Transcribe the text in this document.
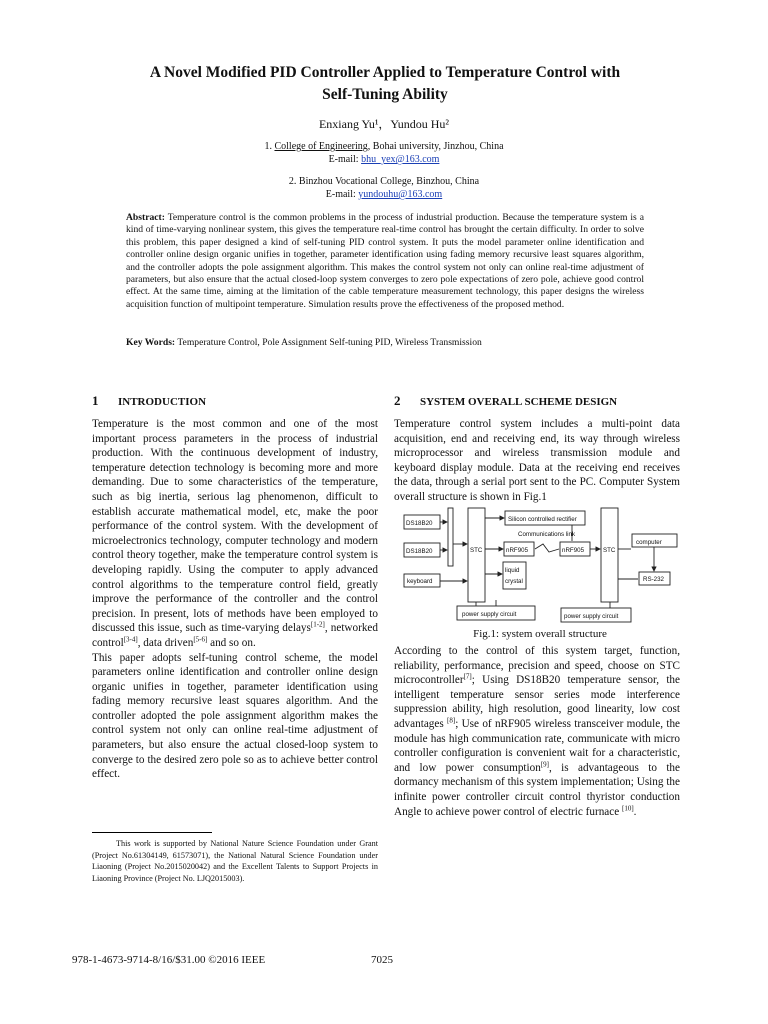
A Novel Modified PID Controller Applied to Temperature Control with
Self-Tuning Ability
Enxiang Yu¹，Yundou Hu²
1. College of Engineering, Bohai university, Jinzhou, China
E-mail: bhu_yex@163.com
2. Binzhou Vocational College, Binzhou, China
E-mail: yundouhu@163.com
Abstract: Temperature control is the common problems in the process of industrial production. Because the temperature system is a kind of time-varying nonlinear system, this gives the temperature real-time control has brought the certain difficulty. In order to solve this problem, this paper designed a kind of self-tuning PID control system. It puts the model parameter online identification and controller online design organic unifies in together, parameter identification using fading memory recursive least squares algorithm, and the controller adopts the pole assignment algorithm. This makes the control system not only can online real-time adjustment of parameters, but also ensure that the actual closed-loop system converges to zero pole expectations of zero pole, achieve good control effect. At the same time, aiming at the limitation of the cable temperature measurement technology, this paper designs the wireless acquisition function of multipoint temperature. Simulation results prove the effectiveness of the proposed method.
Key Words: Temperature Control, Pole Assignment Self-tuning PID, Wireless Transmission
1 INTRODUCTION

Temperature is the most common and one of the most important process parameters in the process of industrial production. With the continuous development of industry, temperature detection technology is becoming more and more demanding. Due to some characteristics of the temperature, such as big inertia, serious lag phenomenon, difficult to establish accurate mathematical model, etc, make the poor performance of the control system. With the development of microelectronics technology, computer technology and modern control theory together, make the temperature control system is developing rapidly. Using the computer to apply advanced control algorithms to the temperature control field, greatly improve the performance of the controller and the control precision. In present, lots of methods have been employed to discussed this issue, such as time-varying delays[1-2], networked control[3-4], data driven[5-6] and so on.

This paper adopts self-tuning control scheme, the model parameters online identification and controller online design organic unifies in together, parameter identification using fading memory recursive least squares algorithm. And the controller adopted the pole assignment algorithm makes the control system not only can online real-time adjustment of parameters, but also ensure the actual closed-loop system to converge to the desired zero pole so as to achieve better control effect.

This work is supported by National Nature Science Foundation under Grant (Project No.61304149, 61573071), the National Natural Science Foundation under Liaoning (Project No.2015020042) and the Excellent Talents to Support Projects in Liaoning Province (Project No. LJQ2015003).
2 SYSTEM OVERALL SCHEME DESIGN

Temperature control system includes a multi-point data acquisition, end and receiving end, its way through wireless microprocessor and wireless transmission module and keyboard display module. Data at the receiving end receives the data, through a serial port sent to the PC. Computer System overall structure is shown in Fig.1

DS18B20
DS18B20
keyboard
STC	STC
Silicon controlled rectifier
Communications link
nRF905	nRF905
liquid
crystal
computer
RS-232
power supply circuit	power supply circuit
Fig.1: system overall structure

According to the control of this system target, function, reliability, performance, precision and speed, choose on STC microcontroller[7]; Using DS18B20 temperature sensor, the intelligent temperature sensor series mode interference suppression ability, high resolution, good linearity, low cost advantages [8]; Use of nRF905 wireless transceiver module, the module has high communication rate, communicate with micro controller configuration is convenient wait for a characteristic, and low power consumption[9], is advantageous to the dormancy mechanism of this system implementation; Using the infinite power controller circuit control thyristor conduction Angle to achieve power control of electric furnace [10].

978-1-4673-9714-8/16/$31.00 ©2016 IEEE	7025
